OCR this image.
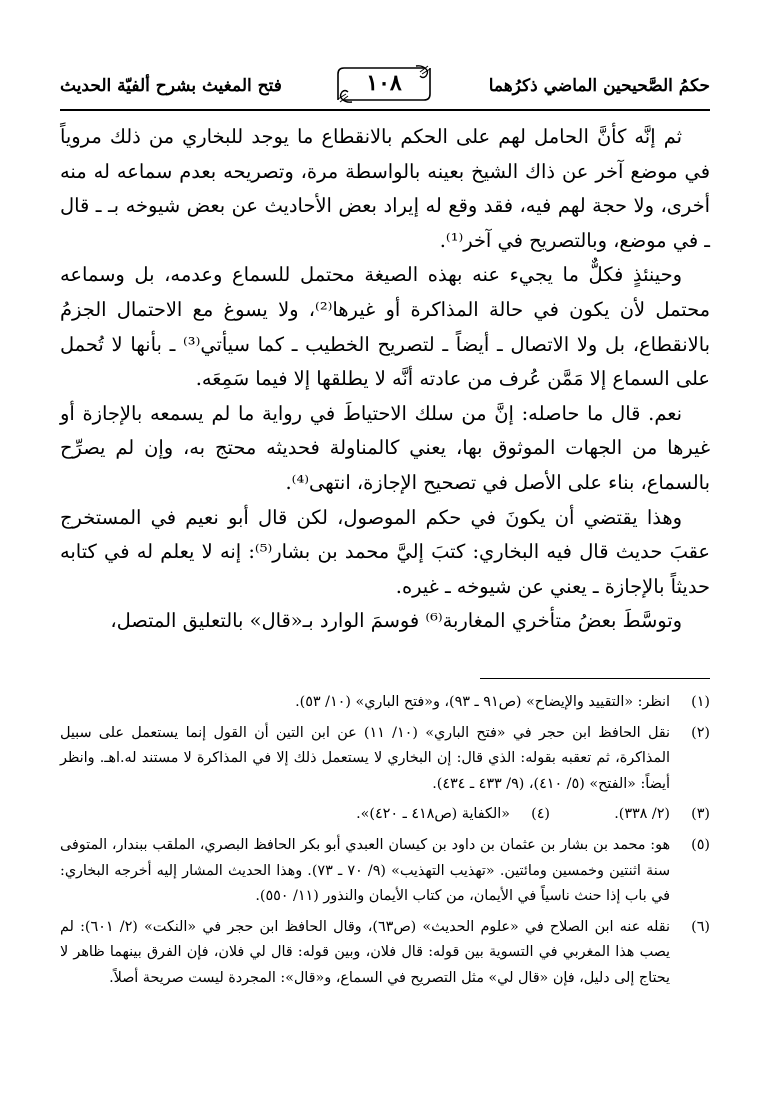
حكمُ الصَّحيحين الماضي ذكرُهما
١٠٨
فتح المغيث بشرح ألفيّة الحديث

ثم إنَّه كأنَّ الحامل لهم على الحكم بالانقطاع ما يوجد للبخاري من ذلك مروياً في موضع آخر عن ذاك الشيخ بعينه بالواسطة مرة، وتصريحه بعدم سماعه له منه أخرى، ولا حجة لهم فيه، فقد وقع له إيراد بعض الأحاديث عن بعض شيوخه بـ ـ قال ـ في موضع، وبالتصريح في آخر⁽¹⁾.

وحينئذٍ فكلٌّ ما يجيء عنه بهذه الصيغة محتمل للسماع وعدمه، بل وسماعه محتمل لأن يكون في حالة المذاكرة أو غيرها⁽²⁾، ولا يسوغ مع الاحتمال الجزمُ بالانقطاع، بل ولا الاتصال ـ أيضاً ـ لتصريح الخطيب ـ كما سيأتي⁽³⁾ ـ بأنها لا تُحمل على السماع إلا مَمَّن عُرف من عادته أنَّه لا يطلقها إلا فيما سَمِعَه.

نعم. قال ما حاصله: إنَّ من سلك الاحتياطَ في رواية ما لم يسمعه بالإجازة أو غيرها من الجهات الموثوق بها، يعني كالمناولة فحديثه محتج به، وإن لم يصرِّح بالسماع، بناء على الأصل في تصحيح الإجازة، انتهى⁽⁴⁾.

وهذا يقتضي أن يكونَ في حكم الموصول، لكن قال أبو نعيم في المستخرج عقبَ حديث قال فيه البخاري: كتبَ إليَّ محمد بن بشار⁽⁵⁾: إنه لا يعلم له في كتابه حديثاً بالإجازة ـ يعني عن شيوخه ـ غيره.

وتوسَّطَ بعضُ متأخري المغاربة⁽⁶⁾ فوسمَ الوارد بـ«قال» بالتعليق المتصل،

(١)
انظر: «التقييد والإيضاح» (ص٩١ ـ ٩٣)، و«فتح الباري» (١٠/ ٥٣).
(٢)
نقل الحافظ ابن حجر في «فتح الباري» (١٠/ ١١) عن ابن التين أن القول إنما يستعمل على سبيل المذاكرة، ثم تعقبه بقوله: الذي قال: إن البخاري لا يستعمل ذلك إلا في المذاكرة لا مستند له.اهـ. وانظر أيضاً: «الفتح» (٥/ ٤١٠)، (٩/ ٤٣٣ ـ ٤٣٤).
(٣)
(٢/ ٣٣٨).
(٤)
«الكفاية (ص٤١٨ ـ ٤٢٠)».
(٥)
هو: محمد بن بشار بن عثمان بن داود بن كيسان العبدي أبو بكر الحافظ البصري، الملقب ببندار، المتوفى سنة اثنتين وخمسين ومائتين. «تهذيب التهذيب» (٩/ ٧٠ ـ ٧٣). وهذا الحديث المشار إليه أخرجه البخاري: في باب إذا حنث ناسياً في الأيمان، من كتاب الأيمان والنذور (١١/ ٥٥٠).
(٦)
نقله عنه ابن الصلاح في «علوم الحديث» (ص٦٣)، وقال الحافظ ابن حجر في «النكت» (٢/ ٦٠١): لم يصب هذا المغربي في التسوية بين قوله: قال فلان، وبين قوله: قال لي فلان، فإن الفرق بينهما ظاهر لا يحتاج إلى دليل، فإن «قال لي» مثل التصريح في السماع، و«قال»: المجردة ليست صريحة أصلاً.
